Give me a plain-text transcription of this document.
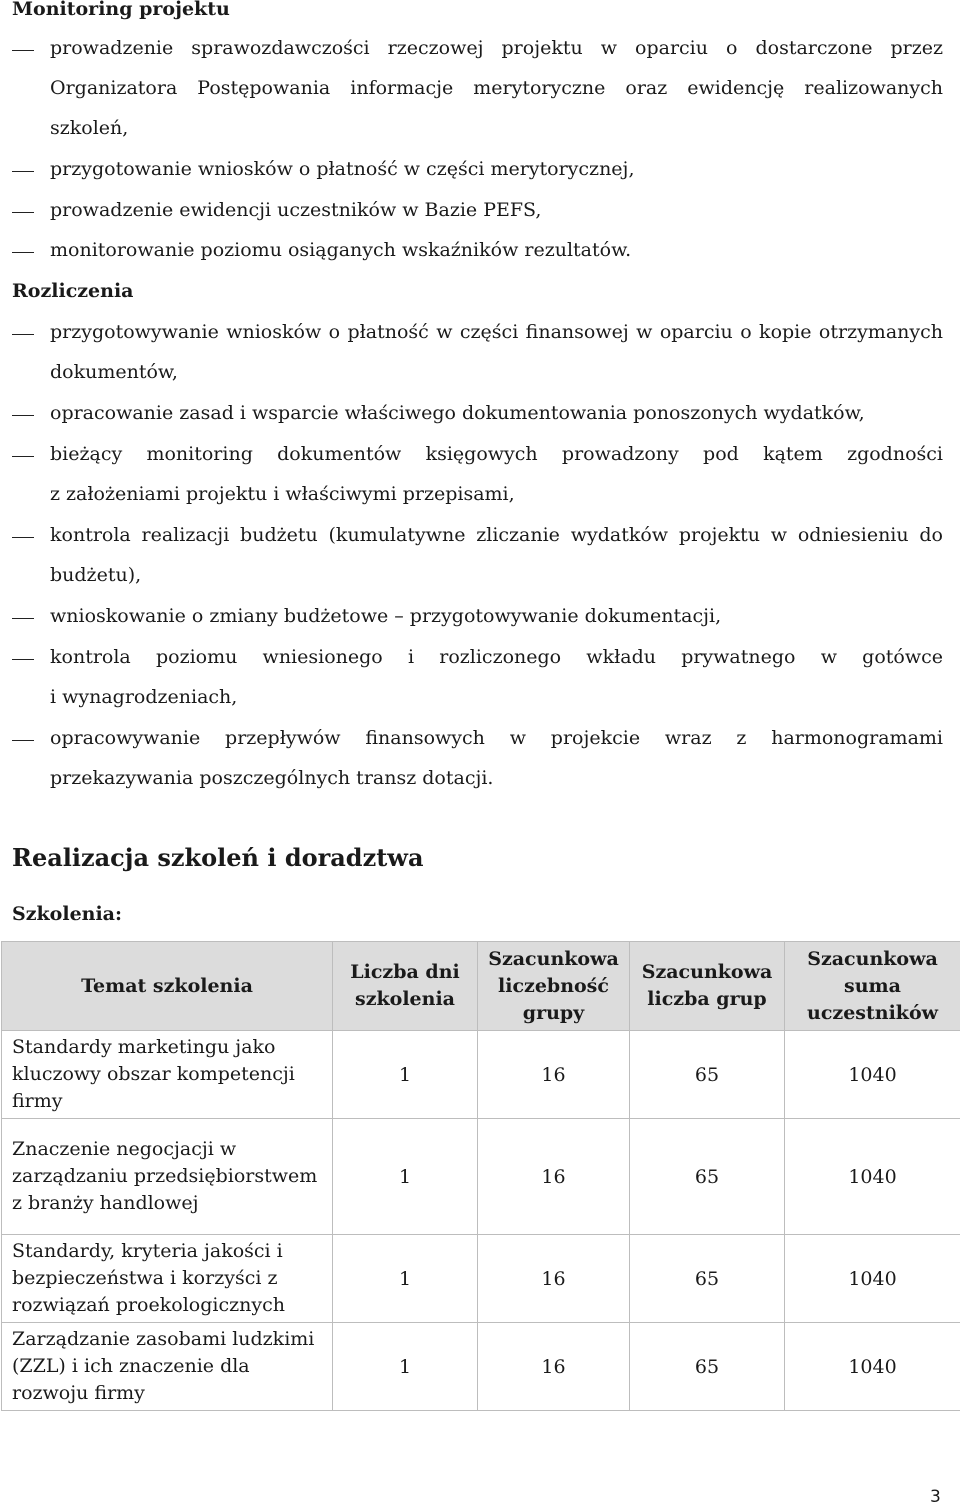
Monitoring projektu
prowadzenie sprawozdawczości rzeczowej projektu w oparciu o dostarczone przez
Organizatora Postępowania informacje merytoryczne oraz ewidencję realizowanych
szkoleń,
przygotowanie wniosków o płatność w części merytorycznej,
prowadzenie ewidencji uczestników w Bazie PEFS,
monitorowanie poziomu osiąganych wskaźników rezultatów.
Rozliczenia
przygotowywanie wniosków o płatność w części finansowej w oparciu o kopie otrzymanych
dokumentów,
opracowanie zasad i wsparcie właściwego dokumentowania ponoszonych wydatków,
bieżący monitoring dokumentów księgowych prowadzony pod kątem zgodności
z założeniami projektu i właściwymi przepisami,
kontrola realizacji budżetu (kumulatywne zliczanie wydatków projektu w odniesieniu do
budżetu),
wnioskowanie o zmiany budżetowe – przygotowywanie dokumentacji,
kontrola poziomu wniesionego i rozliczonego wkładu prywatnego w gotówce
i wynagrodzeniach,
opracowywanie przepływów finansowych w projekcie wraz z harmonogramami
przekazywania poszczególnych transz dotacji.
Realizacja szkoleń i doradztwa
Szkolenia:
Temat szkolenia	Liczba dni szkolenia	Szacunkowa liczebność grupy	Szacunkowa liczba grup	Szacunkowa suma uczestników
Standardy marketingu jako kluczowy obszar kompetencji firmy	1	16	65	1040
Znaczenie negocjacji w zarządzaniu przedsiębiorstwem z branży handlowej	1	16	65	1040
Standardy, kryteria jakości i bezpieczeństwa i korzyści z rozwiązań proekologicznych	1	16	65	1040
Zarządzanie zasobami ludzkimi (ZZL) i ich znaczenie dla rozwoju firmy	1	16	65	1040
3
